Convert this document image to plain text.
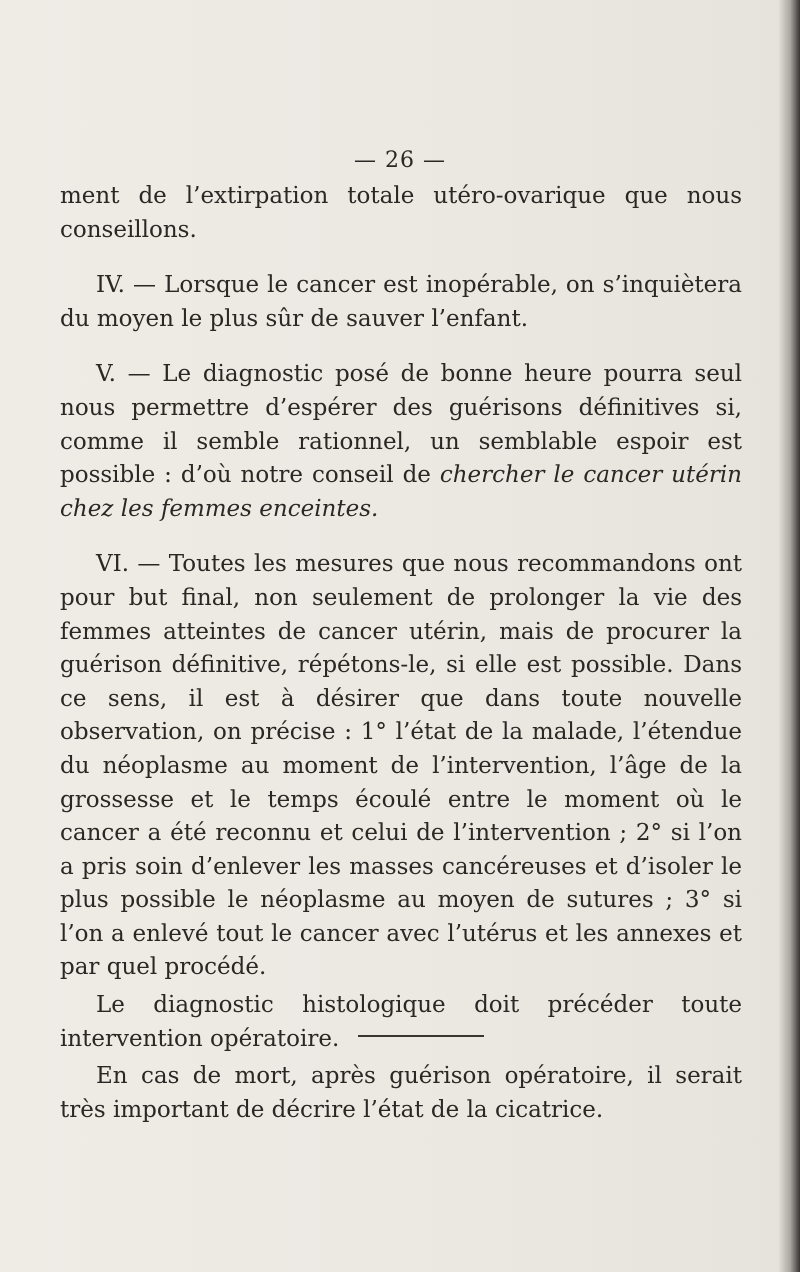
— 26 —

ment de l’extirpation totale utéro-ovarique que nous conseillons.

IV. — Lorsque le cancer est inopérable, on s’inquiètera du moyen le plus sûr de sauver l’enfant.

V. — Le diagnostic posé de bonne heure pourra seul nous permettre d’espérer des guérisons définitives si, comme il semble rationnel, un semblable espoir est possible : d’où notre conseil de chercher le cancer utérin chez les femmes enceintes.

VI. — Toutes les mesures que nous recommandons ont pour but final, non seulement de prolonger la vie des femmes atteintes de cancer utérin, mais de procurer la guérison définitive, répétons-le, si elle est possible. Dans ce sens, il est à désirer que dans toute nouvelle observation, on précise : 1° l’état de la malade, l’étendue du néoplasme au moment de l’intervention, l’âge de la grossesse et le temps écoulé entre le moment où le cancer a été reconnu et celui de l’intervention ; 2° si l’on a pris soin d’enlever les masses cancéreuses et d’isoler le plus possible le néoplasme au moyen de sutures ; 3° si l’on a enlevé tout le cancer avec l’utérus et les annexes et par quel procédé.

Le diagnostic histologique doit précéder toute intervention opératoire.

En cas de mort, après guérison opératoire, il serait très important de décrire l’état de la cicatrice.
